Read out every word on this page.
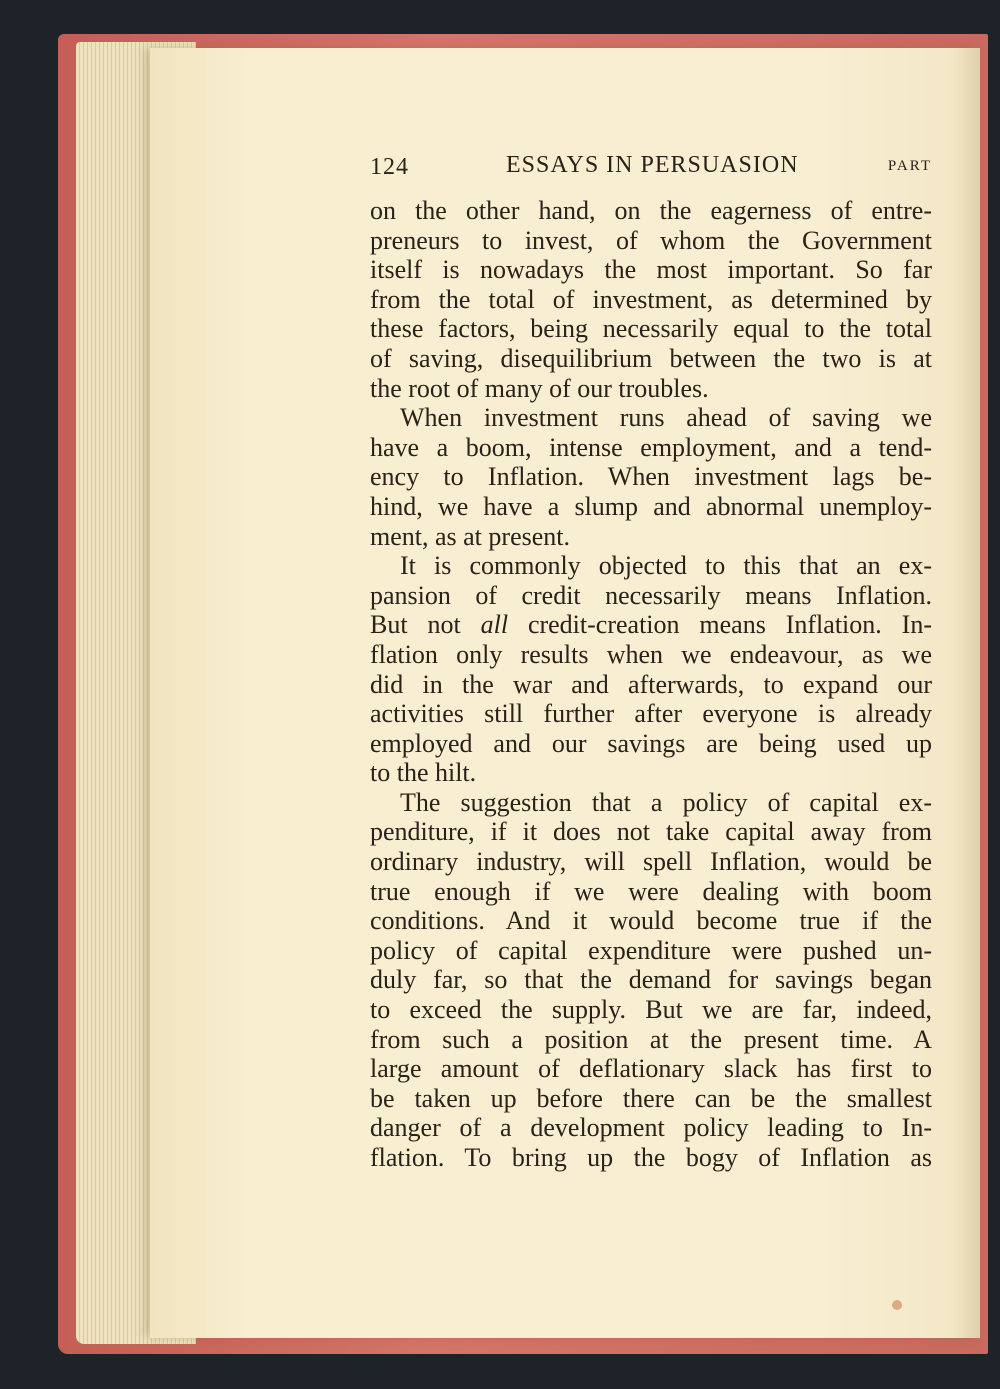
124	ESSAYS IN PERSUASION	PART
on the other hand, on the eagerness of entre-
preneurs to invest, of whom the Government
itself is nowadays the most important. So far
from the total of investment, as determined by
these factors, being necessarily equal to the total
of saving, disequilibrium between the two is at
the root of many of our troubles.
When investment runs ahead of saving we
have a boom, intense employment, and a tend-
ency to Inflation. When investment lags be-
hind, we have a slump and abnormal unemploy-
ment, as at present.
It is commonly objected to this that an ex-
pansion of credit necessarily means Inflation.
But not all credit-creation means Inflation. In-
flation only results when we endeavour, as we
did in the war and afterwards, to expand our
activities still further after everyone is already
employed and our savings are being used up
to the hilt.
The suggestion that a policy of capital ex-
penditure, if it does not take capital away from
ordinary industry, will spell Inflation, would be
true enough if we were dealing with boom
conditions. And it would become true if the
policy of capital expenditure were pushed un-
duly far, so that the demand for savings began
to exceed the supply. But we are far, indeed,
from such a position at the present time. A
large amount of deflationary slack has first to
be taken up before there can be the smallest
danger of a development policy leading to In-
flation. To bring up the bogy of Inflation as
